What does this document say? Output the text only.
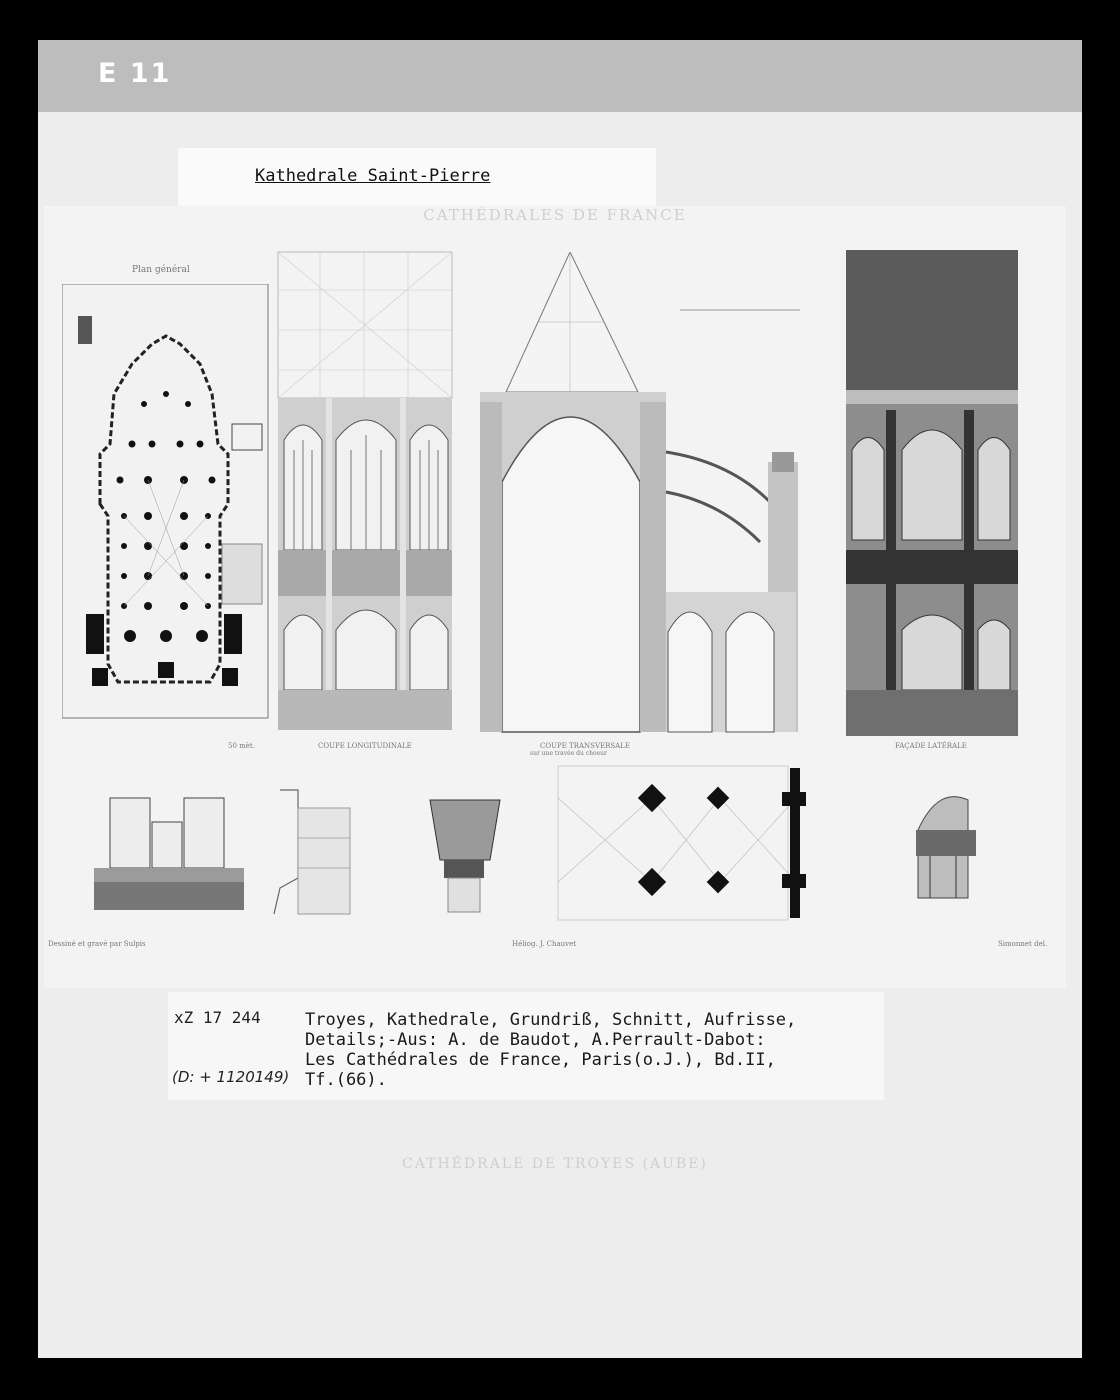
E 11
Kathedrale Saint-Pierre
CATHÉDRALES DE FRANCE
CATHÉDRALE DE TROYES (AUBE)
Plan général
50 mèt.	COUPE LONGITUDINALE	COUPE TRANSVERSALE
sur une travée du choeur
FAÇADE LATÉRALE
Dessiné et gravé par Sulpis	Héliog. J. Chauvet	Simonnet del.
xZ 17 244
(D: + 1120149)
Troyes, Kathedrale, Grundriß, Schnitt, Aufrisse,
Details;-Aus: A. de Baudot, A.Perrault-Dabot:
Les Cathédrales de France, Paris(o.J.), Bd.II,
Tf.(66).
